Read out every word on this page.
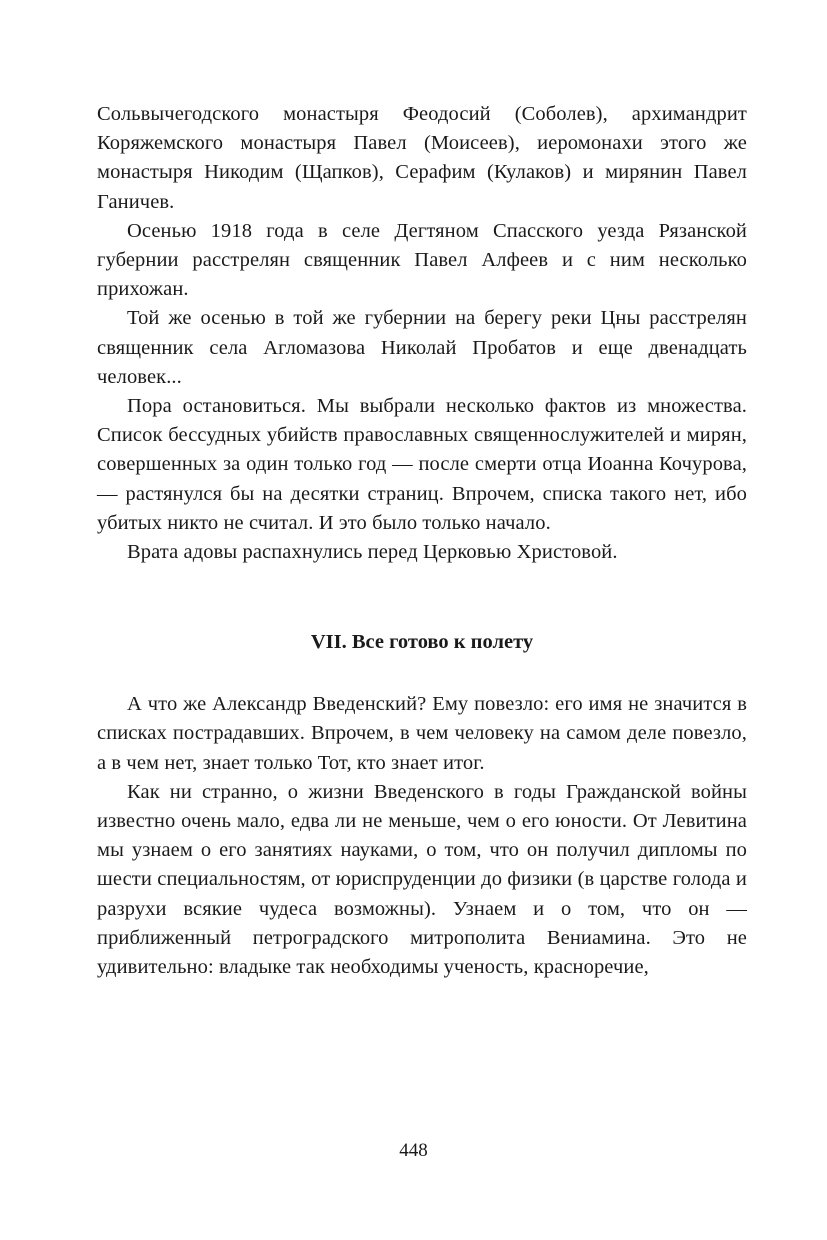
Сольвычегодского монастыря Феодосий (Соболев), архимандрит Коряжемского монастыря Павел (Моисеев), иеромонахи этого же монастыря Никодим (Щапков), Серафим (Кулаков) и мирянин Павел Ганичев.

Осенью 1918 года в селе Дегтяном Спасского уезда Рязанской губернии расстрелян священник Павел Алфеев и с ним несколько прихожан.

Той же осенью в той же губернии на берегу реки Цны расстрелян священник села Агломазова Николай Пробатов и еще двенадцать человек...

Пора остановиться. Мы выбрали несколько фактов из множества. Список бессудных убийств православных священнослужителей и мирян, совершенных за один только год — после смерти отца Иоанна Кочурова, — растянулся бы на десятки страниц. Впрочем, списка такого нет, ибо убитых никто не считал. И это было только начало.

Врата адовы распахнулись перед Церковью Христовой.

VII. Все готово к полету

А что же Александр Введенский? Ему повезло: его имя не значится в списках пострадавших. Впрочем, в чем человеку на самом деле повезло, а в чем нет, знает только Тот, кто знает итог.

Как ни странно, о жизни Введенского в годы Гражданской войны известно очень мало, едва ли не меньше, чем о его юности. От Левитина мы узнаем о его занятиях науками, о том, что он получил дипломы по шести специальностям, от юриспруденции до физики (в царстве голода и разрухи всякие чудеса возможны). Узнаем и о том, что он — приближенный петроградского митрополита Вениамина. Это не удивительно: владыке так необходимы ученость, красноречие,

448
